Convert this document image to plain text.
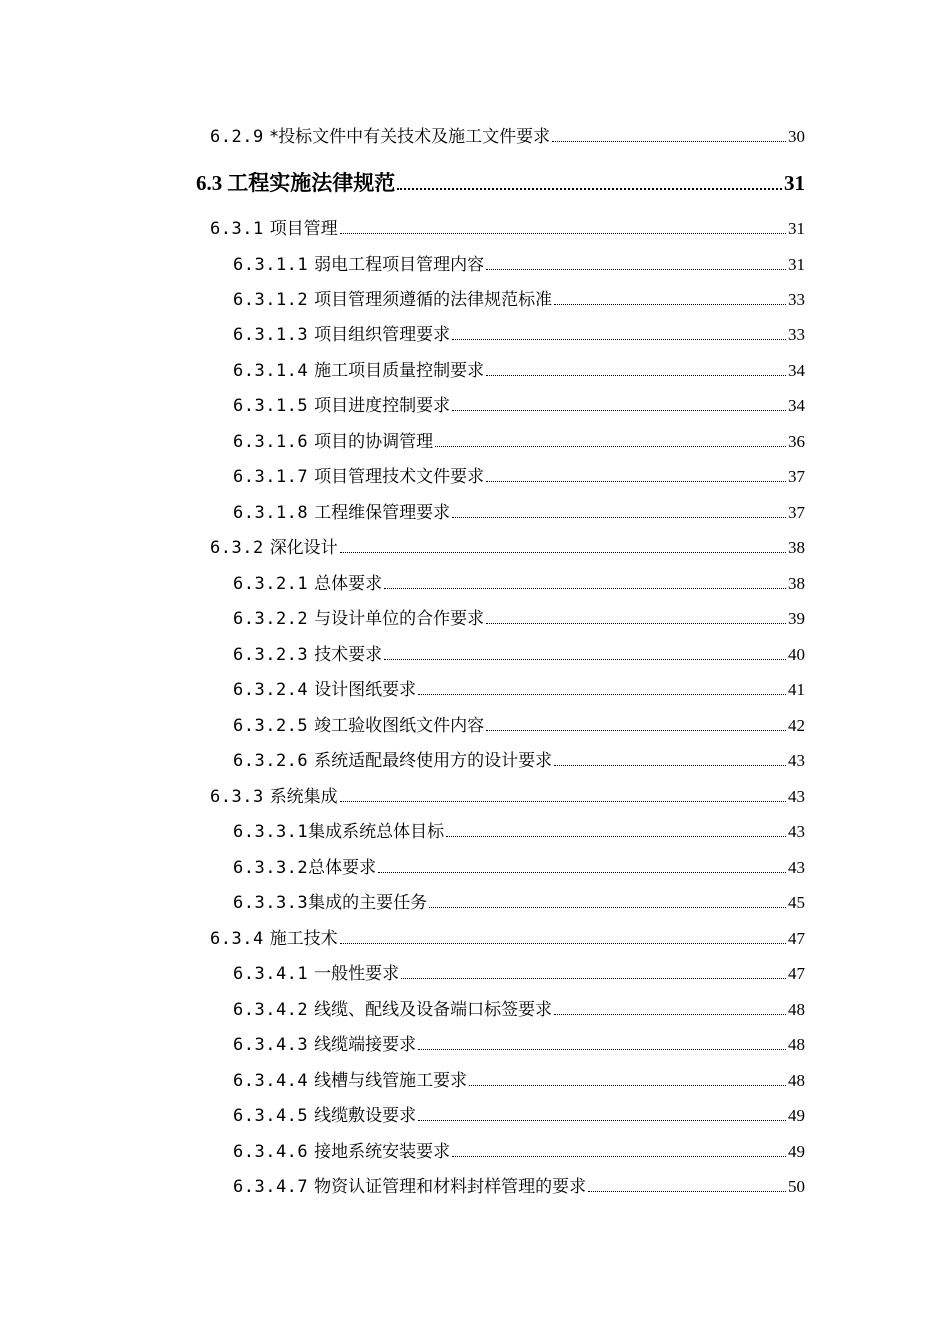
6.2.9 *投标文件中有关技术及施工文件要求	30
6.3 工程实施法律规范	31
6.3.1 项目管理	31
6.3.1.1 弱电工程项目管理内容	31
6.3.1.2 项目管理须遵循的法律规范标准	33
6.3.1.3 项目组织管理要求	33
6.3.1.4 施工项目质量控制要求	34
6.3.1.5 项目进度控制要求	34
6.3.1.6 项目的协调管理	36
6.3.1.7 项目管理技术文件要求	37
6.3.1.8 工程维保管理要求	37
6.3.2 深化设计	38
6.3.2.1 总体要求	38
6.3.2.2 与设计单位的合作要求	39
6.3.2.3 技术要求	40
6.3.2.4 设计图纸要求	41
6.3.2.5 竣工验收图纸文件内容	42
6.3.2.6 系统适配最终使用方的设计要求	43
6.3.3 系统集成	43
6.3.3.1 集成系统总体目标	43
6.3.3.2 总体要求	43
6.3.3.3 集成的主要任务	45
6.3.4 施工技术	47
6.3.4.1 一般性要求	47
6.3.4.2 线缆、配线及设备端口标签要求	48
6.3.4.3 线缆端接要求	48
6.3.4.4 线槽与线管施工要求	48
6.3.4.5 线缆敷设要求	49
6.3.4.6 接地系统安装要求	49
6.3.4.7 物资认证管理和材料封样管理的要求	50
